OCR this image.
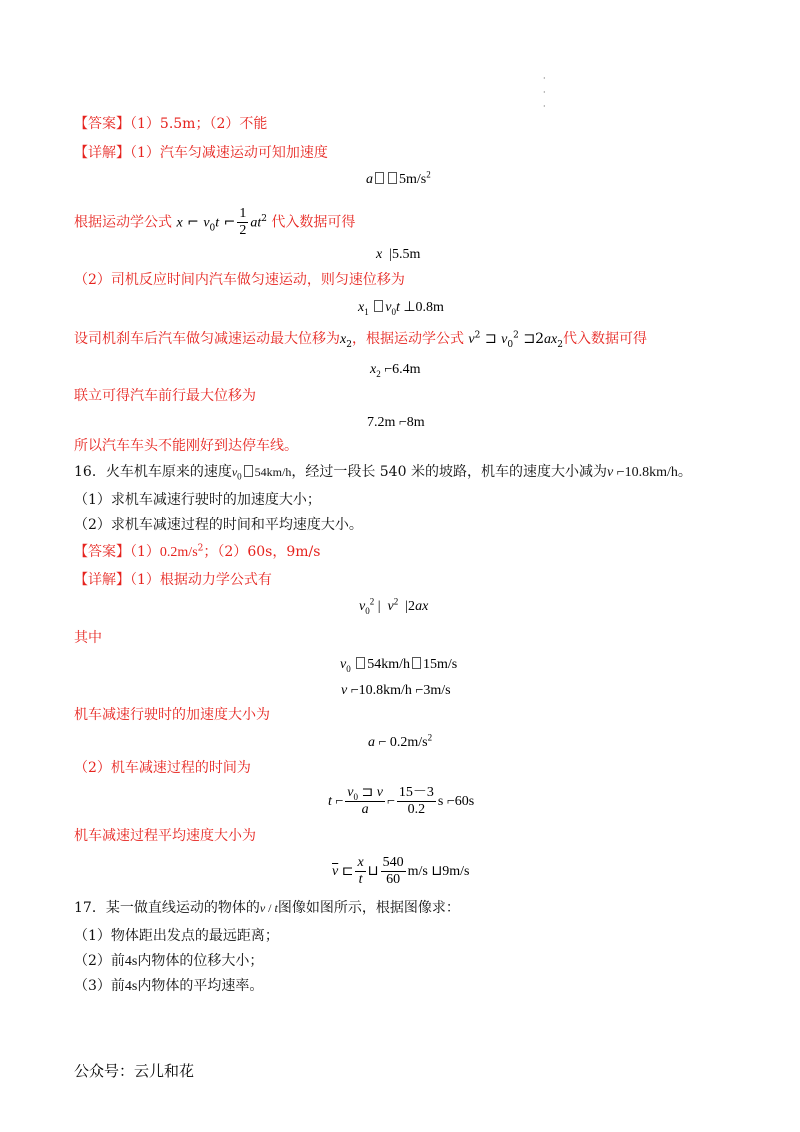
·
·
·
【答案】（1）5.5m；（2）不能
【详解】（1）汽车匀减速运动可知加速度
a $5m/s^2$
根据运动学公式 x ⌐ $v_0t$ ⌐ $\frac{1}{2} at^2$ 代入数据可得
x  |5.5m
（2）司机反应时间内汽车做匀速运动，则匀速位移为
$x_1$ $v_0t$ ⊥0.8m
设司机刹车后汽车做匀减速运动最大位移为$x_2$，根据运动学公式 $v^2$ ⊐ $v_0^2$ $⊐2ax_2$代入数据可得
$x_2$ ⌐6.4m
联立可得汽车前行最大位移为
7.2m ⌐8m
所以汽车车头不能刚好到达停车线。
16．火车机车原来的速度$v_0$ 54km/h，经过一段长 540 米的坡路，机车的速度大小减为v ⌐10.8km/h。
（1）求机车减速行驶时的加速度大小；
（2）求机车减速过程的时间和平均速度大小。
【答案】$(1)0.2m/s^2$；（2）60s，9m/s
【详解】（1）根据动力学公式有
$v_0^2$ |  $v^2$  |2ax
其中
$v_0$ 54km/h 15m/s
v ⌐10.8km/h ⌐3m/s
机车减速行驶时的加速度大小为
a ⌐ $0.2m/s^2$
（2）机车减速过程的时间为
t ⌐ $\frac{v_0 ⊐ v}{a}$ ⌐ $\frac{15-3}{0.2}$ s ⌐60s
机车减速过程平均速度大小为
$\overline{v}$ ⊏ $\frac{x}{t}$ ⊔ $\frac{540}{60} m/s$ ⊔9m/s
17．某一做直线运动的物体的v / t图像如图所示，根据图像求：
（1）物体距出发点的最远距离；
（2）前4s内物体的位移大小；
（3）前4s内物体的平均速率。
公众号：云儿和花
